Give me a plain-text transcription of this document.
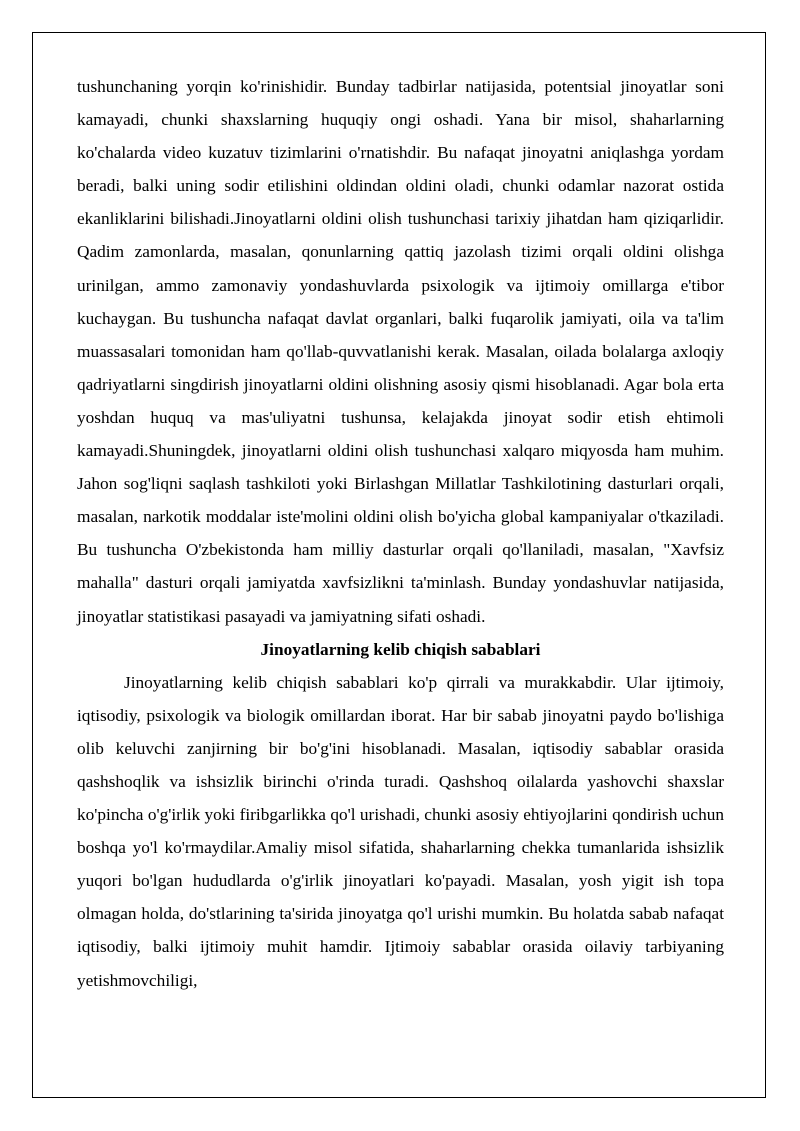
tushunchaning yorqin ko'rinishidir. Bunday tadbirlar natijasida, potentsial jinoyatlar soni kamayadi, chunki shaxslarning huquqiy ongi oshadi. Yana bir misol, shaharlarning ko'chalarda video kuzatuv tizimlarini o'rnatishdir. Bu nafaqat jinoyatni aniqlashga yordam beradi, balki uning sodir etilishini oldindan oldini oladi, chunki odamlar nazorat ostida ekanliklarini bilishadi.Jinoyatlarni oldini olish tushunchasi tarixiy jihatdan ham qiziqarlidir. Qadim zamonlarda, masalan, qonunlarning qattiq jazolash tizimi orqali oldini olishga urinilgan, ammo zamonaviy yondashuvlarda psixologik va ijtimoiy omillarga e'tibor kuchaygan. Bu tushuncha nafaqat davlat organlari, balki fuqarolik jamiyati, oila va ta'lim muassasalari tomonidan ham qo'llab-quvvatlanishi kerak. Masalan, oilada bolalarga axloqiy qadriyatlarni singdirish jinoyatlarni oldini olishning asosiy qismi hisoblanadi. Agar bola erta yoshdan huquq va mas'uliyatni tushunsa, kelajakda jinoyat sodir etish ehtimoli kamayadi.Shuningdek, jinoyatlarni oldini olish tushunchasi xalqaro miqyosda ham muhim. Jahon sog'liqni saqlash tashkiloti yoki Birlashgan Millatlar Tashkilotining dasturlari orqali, masalan, narkotik moddalar iste'molini oldini olish bo'yicha global kampaniyalar o'tkaziladi. Bu tushuncha O'zbekistonda ham milliy dasturlar orqali qo'llaniladi, masalan, "Xavfsiz mahalla" dasturi orqali jamiyatda xavfsizlikni ta'minlash. Bunday yondashuvlar natijasida, jinoyatlar statistikasi pasayadi va jamiyatning sifati oshadi.

Jinoyatlarning kelib chiqish sabablari

Jinoyatlarning kelib chiqish sabablari ko'p qirrali va murakkabdir. Ular ijtimoiy, iqtisodiy, psixologik va biologik omillardan iborat. Har bir sabab jinoyatni paydo bo'lishiga olib keluvchi zanjirning bir bo'g'ini hisoblanadi. Masalan, iqtisodiy sabablar orasida qashshoqlik va ishsizlik birinchi o'rinda turadi. Qashshoq oilalarda yashovchi shaxslar ko'pincha o'g'irlik yoki firibgarlikka qo'l urishadi, chunki asosiy ehtiyojlarini qondirish uchun boshqa yo'l ko'rmaydilar.Amaliy misol sifatida, shaharlarning chekka tumanlarida ishsizlik yuqori bo'lgan hududlarda o'g'irlik jinoyatlari ko'payadi. Masalan, yosh yigit ish topa olmagan holda, do'stlarining ta'sirida jinoyatga qo'l urishi mumkin. Bu holatda sabab nafaqat iqtisodiy, balki ijtimoiy muhit hamdir. Ijtimoiy sabablar orasida oilaviy tarbiyaning yetishmovchiligi,
